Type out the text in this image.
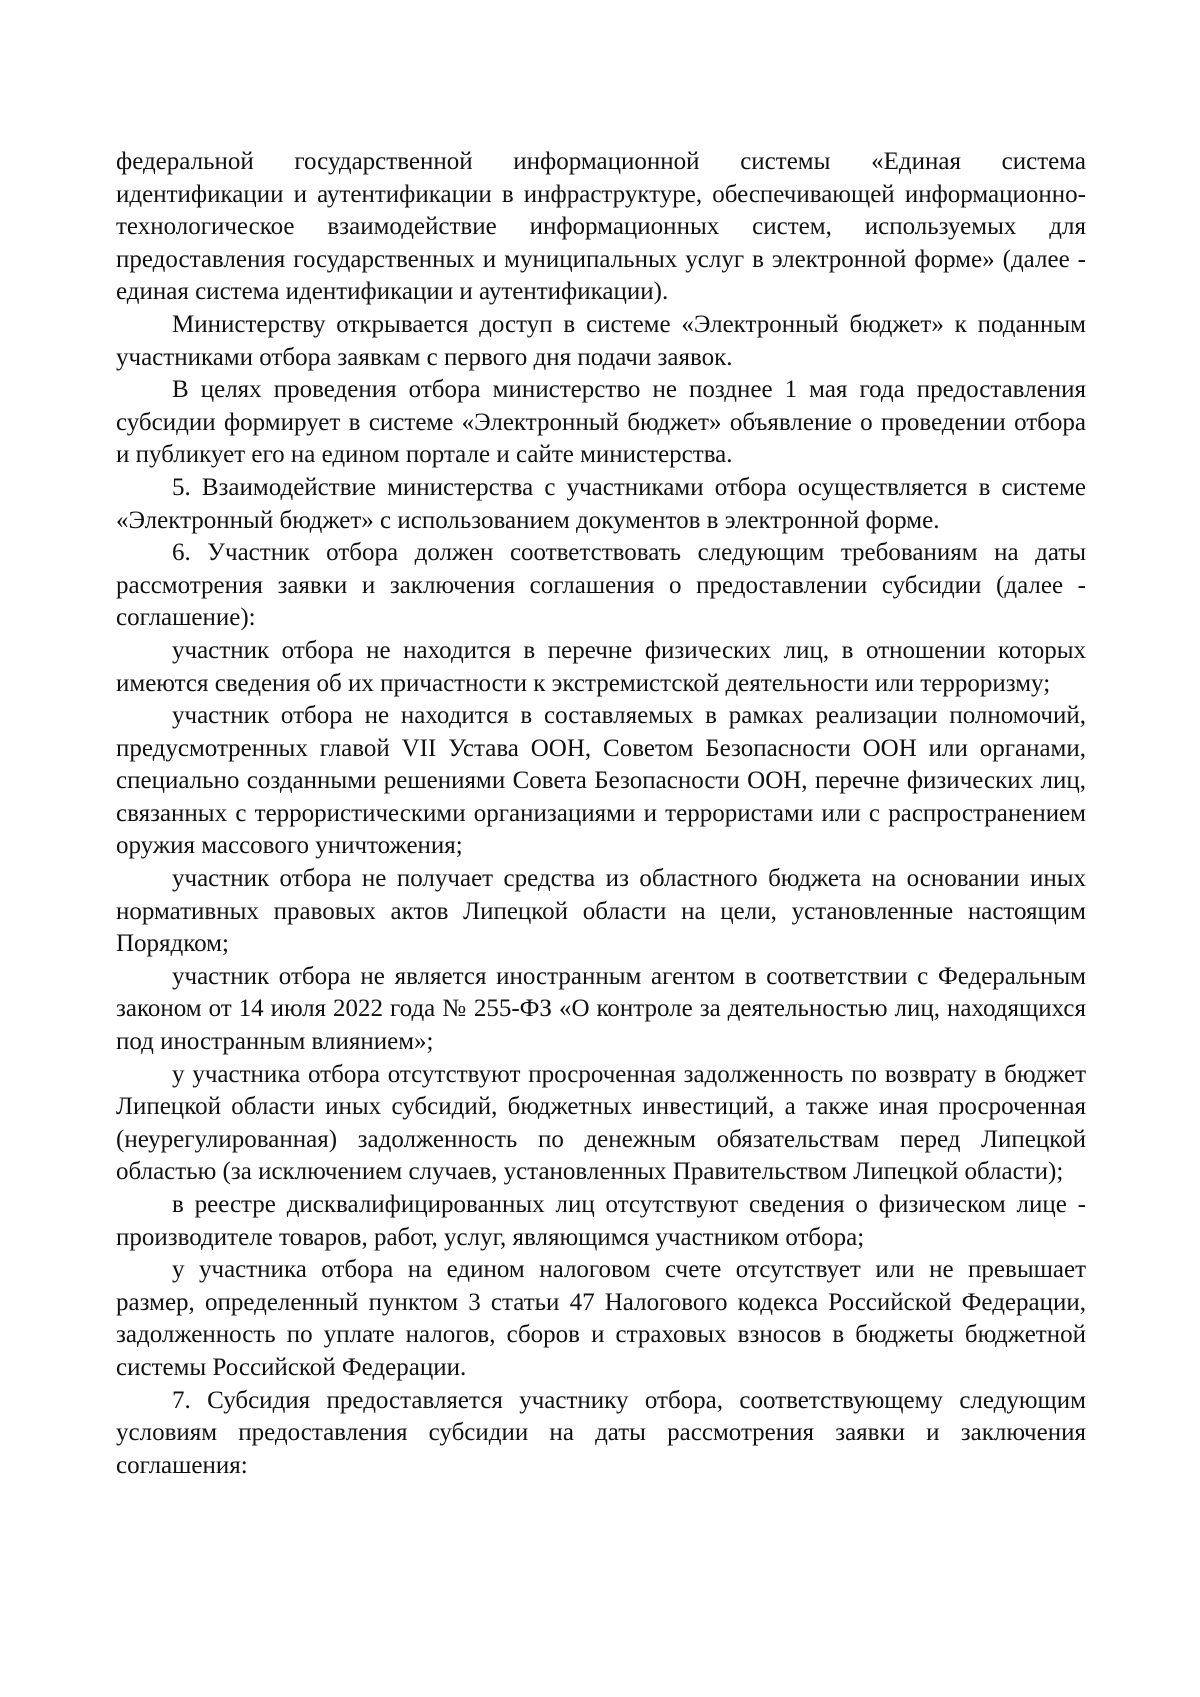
федеральной государственной информационной системы «Единая система идентификации и аутентификации в инфраструктуре, обеспечивающей информационно-технологическое взаимодействие информационных систем, используемых для предоставления государственных и муниципальных услуг в электронной форме» (далее - единая система идентификации и аутентификации).

Министерству открывается доступ в системе «Электронный бюджет» к поданным участниками отбора заявкам с первого дня подачи заявок.

В целях проведения отбора министерство не позднее 1 мая года предоставления субсидии формирует в системе «Электронный бюджет» объявление о проведении отбора и публикует его на едином портале и сайте министерства.

5. Взаимодействие министерства с участниками отбора осуществляется в системе «Электронный бюджет» с использованием документов в электронной форме.

6. Участник отбора должен соответствовать следующим требованиям на даты рассмотрения заявки и заключения соглашения о предоставлении субсидии (далее - соглашение):

участник отбора не находится в перечне физических лиц, в отношении которых имеются сведения об их причастности к экстремистской деятельности или терроризму;

участник отбора не находится в составляемых в рамках реализации полномочий, предусмотренных главой VII Устава ООН, Советом Безопасности ООН или органами, специально созданными решениями Совета Безопасности ООН, перечне физических лиц, связанных с террористическими организациями и террористами или с распространением оружия массового уничтожения;

участник отбора не получает средства из областного бюджета на основании иных нормативных правовых актов Липецкой области на цели, установленные настоящим Порядком;

участник отбора не является иностранным агентом в соответствии с Федеральным законом от 14 июля 2022 года № 255-ФЗ «О контроле за деятельностью лиц, находящихся под иностранным влиянием»;

у участника отбора отсутствуют просроченная задолженность по возврату в бюджет Липецкой области иных субсидий, бюджетных инвестиций, а также иная просроченная (неурегулированная) задолженность по денежным обязательствам перед Липецкой областью (за исключением случаев, установленных Правительством Липецкой области);

в реестре дисквалифицированных лиц отсутствуют сведения о физическом лице - производителе товаров, работ, услуг, являющимся участником отбора;

у участника отбора на едином налоговом счете отсутствует или не превышает размер, определенный пунктом 3 статьи 47 Налогового кодекса Российской Федерации, задолженность по уплате налогов, сборов и страховых взносов в бюджеты бюджетной системы Российской Федерации.

7. Субсидия предоставляется участнику отбора, соответствующему следующим условиям предоставления субсидии на даты рассмотрения заявки и заключения соглашения:
